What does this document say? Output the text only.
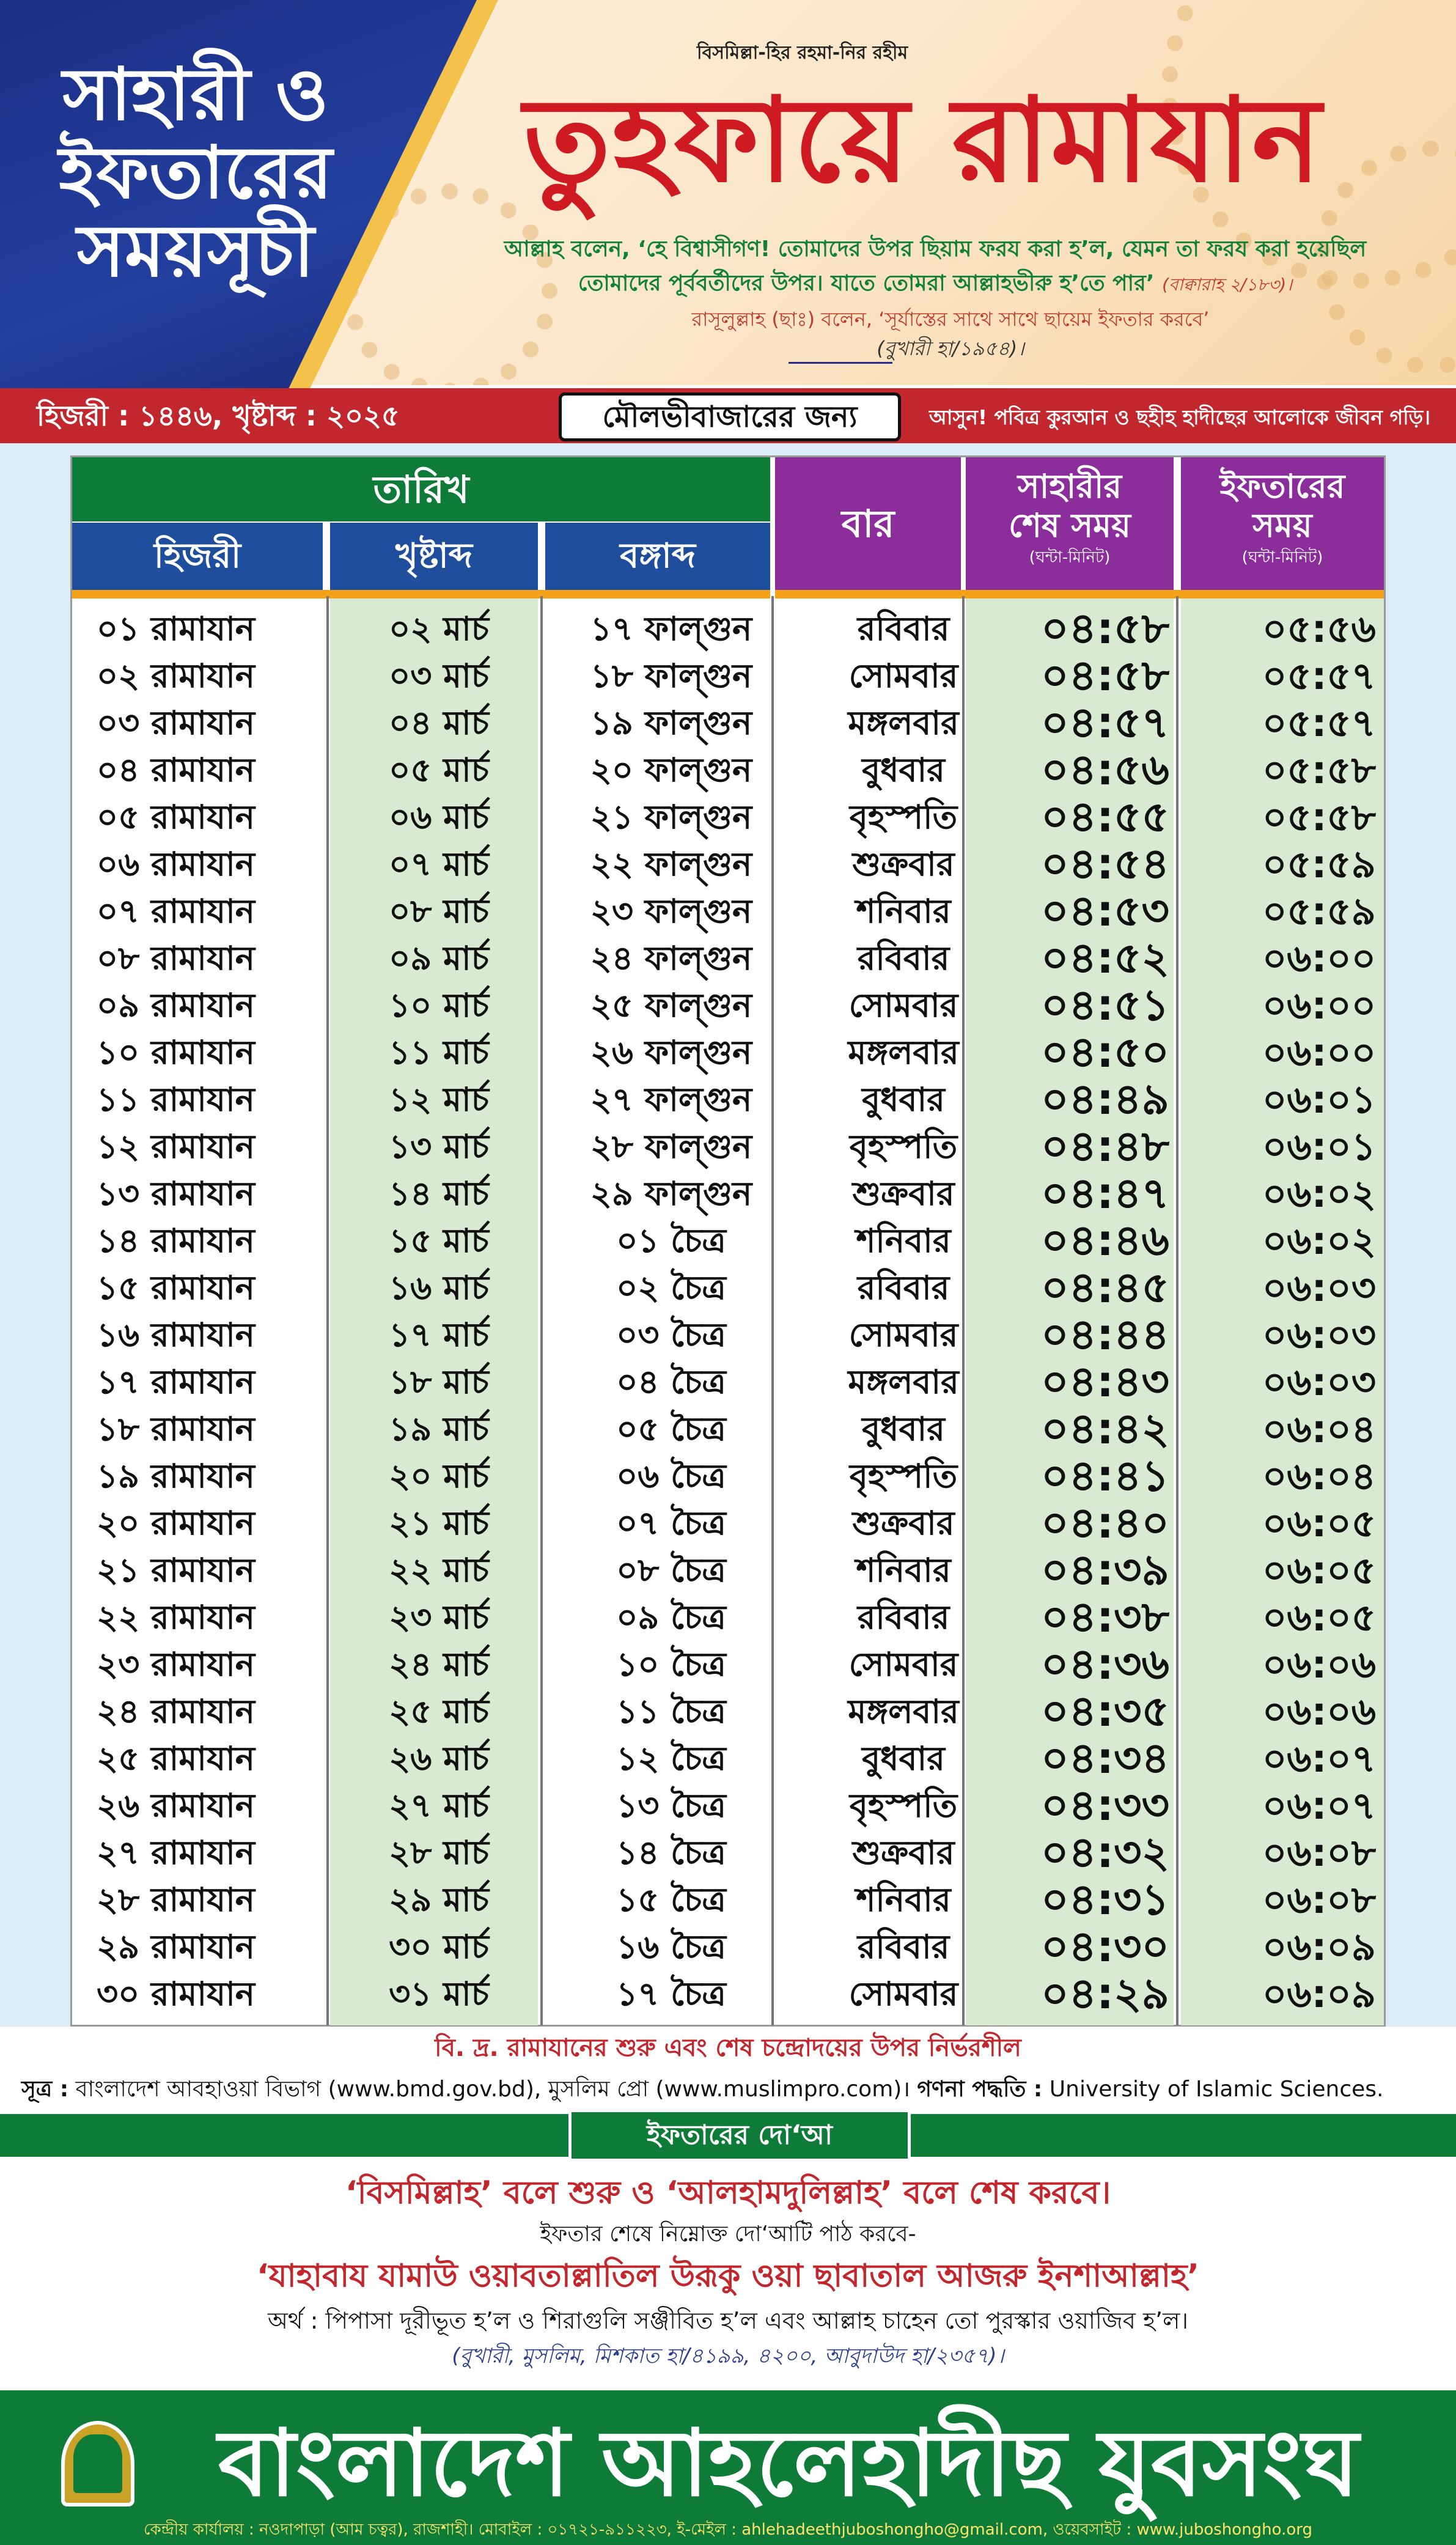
সাহারী ও ইফতারের সময়সূচী
বিসমিল্লা-হির রহমা-নির রহীম
তুহফায়ে রামাযান
আল্লাহ বলেন, ‘হে বিশ্বাসীগণ! তোমাদের উপর ছিয়াম ফরয করা হ’ল, যেমন তা ফরয করা হয়েছিল তোমাদের পূর্ববর্তীদের উপর। যাতে তোমরা আল্লাহভীরু হ’তে পার’ (বাক্বারাহ ২/১৮৩)।
রাসূলুল্লাহ (ছাঃ) বলেন, ‘সূর্যাস্তের সাথে সাথে ছায়েম ইফতার করবে’
(বুখারী হা/১৯৫৪)।
হিজরী : ১৪৪৬, খৃষ্টাব্দ : ২০২৫	মৌলভীবাজারের জন্য	আসুন! পবিত্র কুরআন ও ছহীহ হাদীছের আলোকে জীবন গড়ি।
তারিখ
হিজরী	খৃষ্টাব্দ	বঙ্গাব্দ
বার
সাহারীর শেষ সময়
(ঘন্টা-মিনিট)
ইফতারের সময়
(ঘন্টা-মিনিট)
০১ রামাযান	০২ মার্চ	১৭ ফাল্গুন	রবিবার	০৪:৫৮	০৫:৫৬
০২ রামাযান	০৩ মার্চ	১৮ ফাল্গুন	সোমবার	০৪:৫৮	০৫:৫৭
০৩ রামাযান	০৪ মার্চ	১৯ ফাল্গুন	মঙ্গলবার	০৪:৫৭	০৫:৫৭
০৪ রামাযান	০৫ মার্চ	২০ ফাল্গুন	বুধবার	০৪:৫৬	০৫:৫৮
০৫ রামাযান	০৬ মার্চ	২১ ফাল্গুন	বৃহস্পতি	০৪:৫৫	০৫:৫৮
০৬ রামাযান	০৭ মার্চ	২২ ফাল্গুন	শুক্রবার	০৪:৫৪	০৫:৫৯
০৭ রামাযান	০৮ মার্চ	২৩ ফাল্গুন	শনিবার	০৪:৫৩	০৫:৫৯
০৮ রামাযান	০৯ মার্চ	২৪ ফাল্গুন	রবিবার	০৪:৫২	০৬:০০
০৯ রামাযান	১০ মার্চ	২৫ ফাল্গুন	সোমবার	০৪:৫১	০৬:০০
১০ রামাযান	১১ মার্চ	২৬ ফাল্গুন	মঙ্গলবার	০৪:৫০	০৬:০০
১১ রামাযান	১২ মার্চ	২৭ ফাল্গুন	বুধবার	০৪:৪৯	০৬:০১
১২ রামাযান	১৩ মার্চ	২৮ ফাল্গুন	বৃহস্পতি	০৪:৪৮	০৬:০১
১৩ রামাযান	১৪ মার্চ	২৯ ফাল্গুন	শুক্রবার	০৪:৪৭	০৬:০২
১৪ রামাযান	১৫ মার্চ	০১ চৈত্র	শনিবার	০৪:৪৬	০৬:০২
১৫ রামাযান	১৬ মার্চ	০২ চৈত্র	রবিবার	০৪:৪৫	০৬:০৩
১৬ রামাযান	১৭ মার্চ	০৩ চৈত্র	সোমবার	০৪:৪৪	০৬:০৩
১৭ রামাযান	১৮ মার্চ	০৪ চৈত্র	মঙ্গলবার	০৪:৪৩	০৬:০৩
১৮ রামাযান	১৯ মার্চ	০৫ চৈত্র	বুধবার	০৪:৪২	০৬:০৪
১৯ রামাযান	২০ মার্চ	০৬ চৈত্র	বৃহস্পতি	০৪:৪১	০৬:০৪
২০ রামাযান	২১ মার্চ	০৭ চৈত্র	শুক্রবার	০৪:৪০	০৬:০৫
২১ রামাযান	২২ মার্চ	০৮ চৈত্র	শনিবার	০৪:৩৯	০৬:০৫
২২ রামাযান	২৩ মার্চ	০৯ চৈত্র	রবিবার	০৪:৩৮	০৬:০৫
২৩ রামাযান	২৪ মার্চ	১০ চৈত্র	সোমবার	০৪:৩৬	০৬:০৬
২৪ রামাযান	২৫ মার্চ	১১ চৈত্র	মঙ্গলবার	০৪:৩৫	০৬:০৬
২৫ রামাযান	২৬ মার্চ	১২ চৈত্র	বুধবার	০৪:৩৪	০৬:০৭
২৬ রামাযান	২৭ মার্চ	১৩ চৈত্র	বৃহস্পতি	০৪:৩৩	০৬:০৭
২৭ রামাযান	২৮ মার্চ	১৪ চৈত্র	শুক্রবার	০৪:৩২	০৬:০৮
২৮ রামাযান	২৯ মার্চ	১৫ চৈত্র	শনিবার	০৪:৩১	০৬:০৮
২৯ রামাযান	৩০ মার্চ	১৬ চৈত্র	রবিবার	০৪:৩০	০৬:০৯
৩০ রামাযান	৩১ মার্চ	১৭ চৈত্র	সোমবার	০৪:২৯	০৬:০৯
বি. দ্র. রামাযানের শুরু এবং শেষ চন্দ্রোদয়ের উপর নির্ভরশীল
সূত্র : বাংলাদেশ আবহাওয়া বিভাগ (www.bmd.gov.bd), মুসলিম প্রো (www.muslimpro.com)। গণনা পদ্ধতি : University of Islamic Sciences.
ইফতারের দো‘আ
‘বিসমিল্লাহ’ বলে শুরু ও ‘আলহামদুলিল্লাহ’ বলে শেষ করবে।
ইফতার শেষে নিম্নোক্ত দো‘আটি পাঠ করবে-
‘যাহাবায যামাউ ওয়াবতাল্লাতিল উরূকু ওয়া ছাবাতাল আজরু ইনশাআল্লাহ’
অর্থ : পিপাসা দূরীভূত হ’ল ও শিরাগুলি সঞ্জীবিত হ’ল এবং আল্লাহ চাহেন তো পুরস্কার ওয়াজিব হ’ল।
(বুখারী, মুসলিম, মিশকাত হা/৪১৯৯, ৪২০০, আবুদাউদ হা/২৩৫৭)।
বাংলাদেশ আহলেহাদীছ যুবসংঘ
কেন্দ্রীয় কার্যালয় : নওদাপাড়া (আম চত্বর), রাজশাহী। মোবাইল : ০১৭২১-৯১১২২৩, ই-মেইল : ahlehadeethjuboshongho@gmail.com, ওয়েবসাইট : www.juboshongho.org
